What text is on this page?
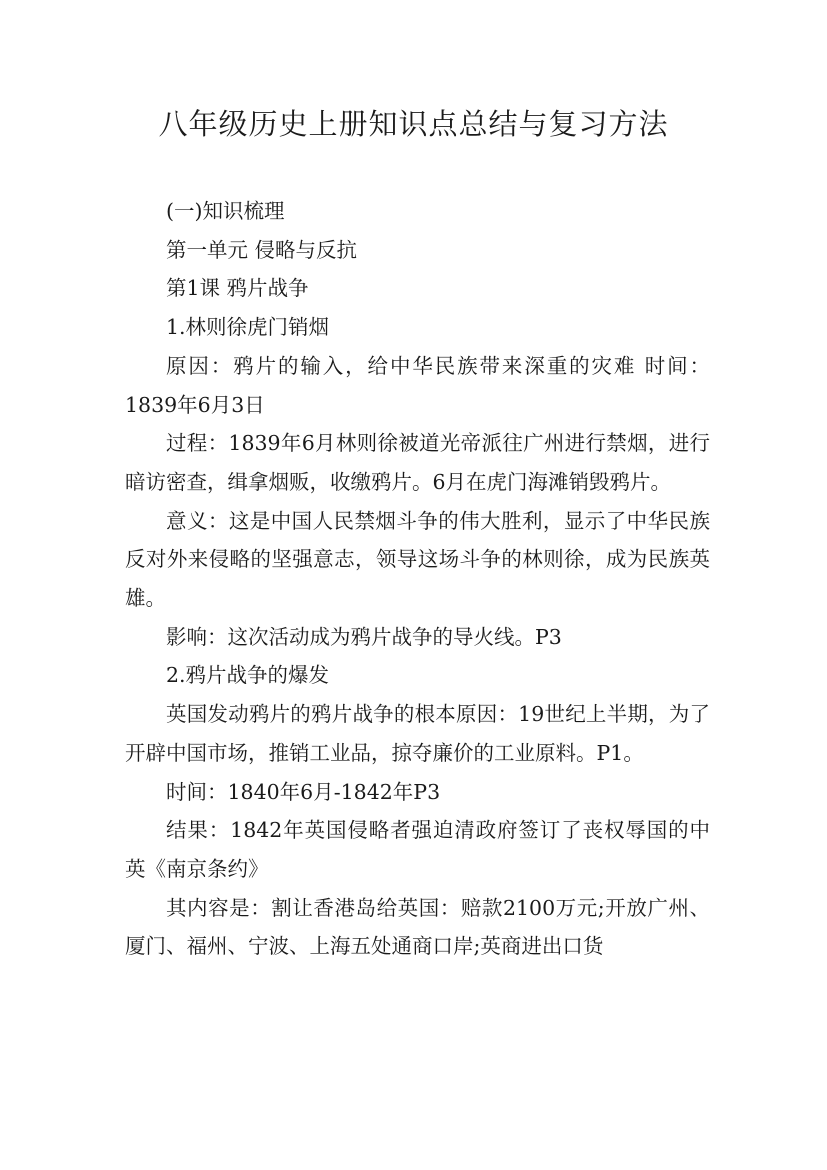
八年级历史上册知识点总结与复习方法

(一)知识梳理

第一单元 侵略与反抗

第1课 鸦片战争

1.林则徐虎门销烟

原因：鸦片的输入，给中华民族带来深重的灾难 时间：1839年6月3日

过程：1839年6月林则徐被道光帝派往广州进行禁烟，进行暗访密查，缉拿烟贩，收缴鸦片。6月在虎门海滩销毁鸦片。

意义：这是中国人民禁烟斗争的伟大胜利，显示了中华民族反对外来侵略的坚强意志，领导这场斗争的林则徐，成为民族英雄。

影响：这次活动成为鸦片战争的导火线。P3

2.鸦片战争的爆发

英国发动鸦片的鸦片战争的根本原因：19世纪上半期，为了开辟中国市场，推销工业品，掠夺廉价的工业原料。P1。

时间：1840年6月-1842年P3

结果：1842年英国侵略者强迫清政府签订了丧权辱国的中英《南京条约》

其内容是：割让香港岛给英国：赔款2100万元;开放广州、厦门、福州、宁波、上海五处通商口岸;英商进出口货
